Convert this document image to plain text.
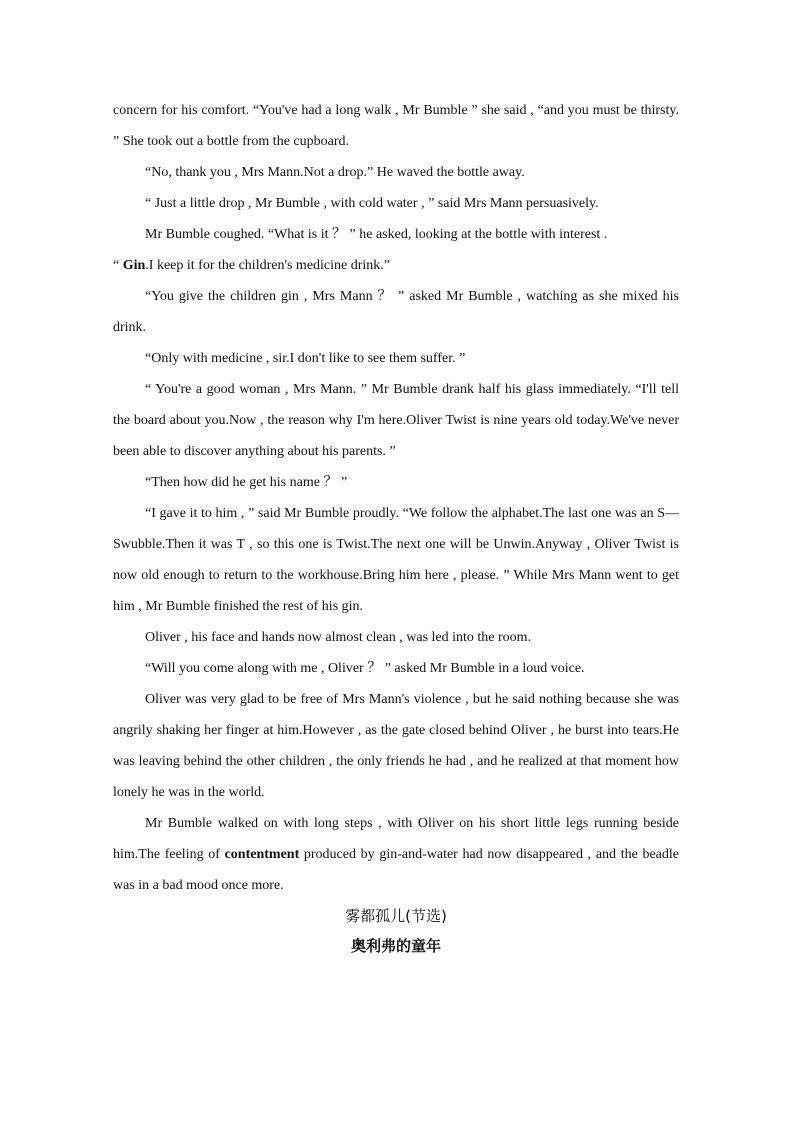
concern for his comfort. “You've had a long walk , Mr Bumble ” she said , “and you must be thirsty. ” She took out a bottle from the cupboard.

“No, thank you , Mrs Mann.Not a drop.” He waved the bottle away.

“ Just a little drop , Mr Bumble , with cold water , ” said Mrs Mann persuasively.

Mr Bumble coughed. “What is it ？ ” he asked, looking at the bottle with interest .

“ Gin.I keep it for the children's medicine drink.”

“You give the children gin , Mrs Mann ？ ” asked Mr Bumble , watching as she mixed his drink.

“Only with medicine , sir.I don't like to see them suffer. ”

“ You're a good woman , Mrs Mann. ” Mr Bumble drank half his glass immediately. “I'll tell the board about you.Now , the reason why I'm here.Oliver Twist is nine years old today.We've never been able to discover anything about his parents. ”

“Then how did he get his name ？ ”

“I gave it to him , ” said Mr Bumble proudly. “We follow the alphabet.The last one was an S—Swubble.Then it was T , so this one is Twist.The next one will be Unwin.Anyway , Oliver Twist is now old enough to return to the workhouse.Bring him here , please. ” While Mrs Mann went to get him , Mr Bumble finished the rest of his gin.

Oliver , his face and hands now almost clean , was led into the room.

“Will you come along with me , Oliver ？ ” asked Mr Bumble in a loud voice.

Oliver was very glad to be free of Mrs Mann's violence , but he said nothing because she was angrily shaking her finger at him.However , as the gate closed behind Oliver , he burst into tears.He was leaving behind the other children , the only friends he had , and he realized at that moment how lonely he was in the world.

Mr Bumble walked on with long steps , with Oliver on his short little legs running beside him.The feeling of contentment produced by gin-and-water had now disappeared , and the beadle was in a bad mood once more.

雾都孤儿(节选)

奥利弗的童年
